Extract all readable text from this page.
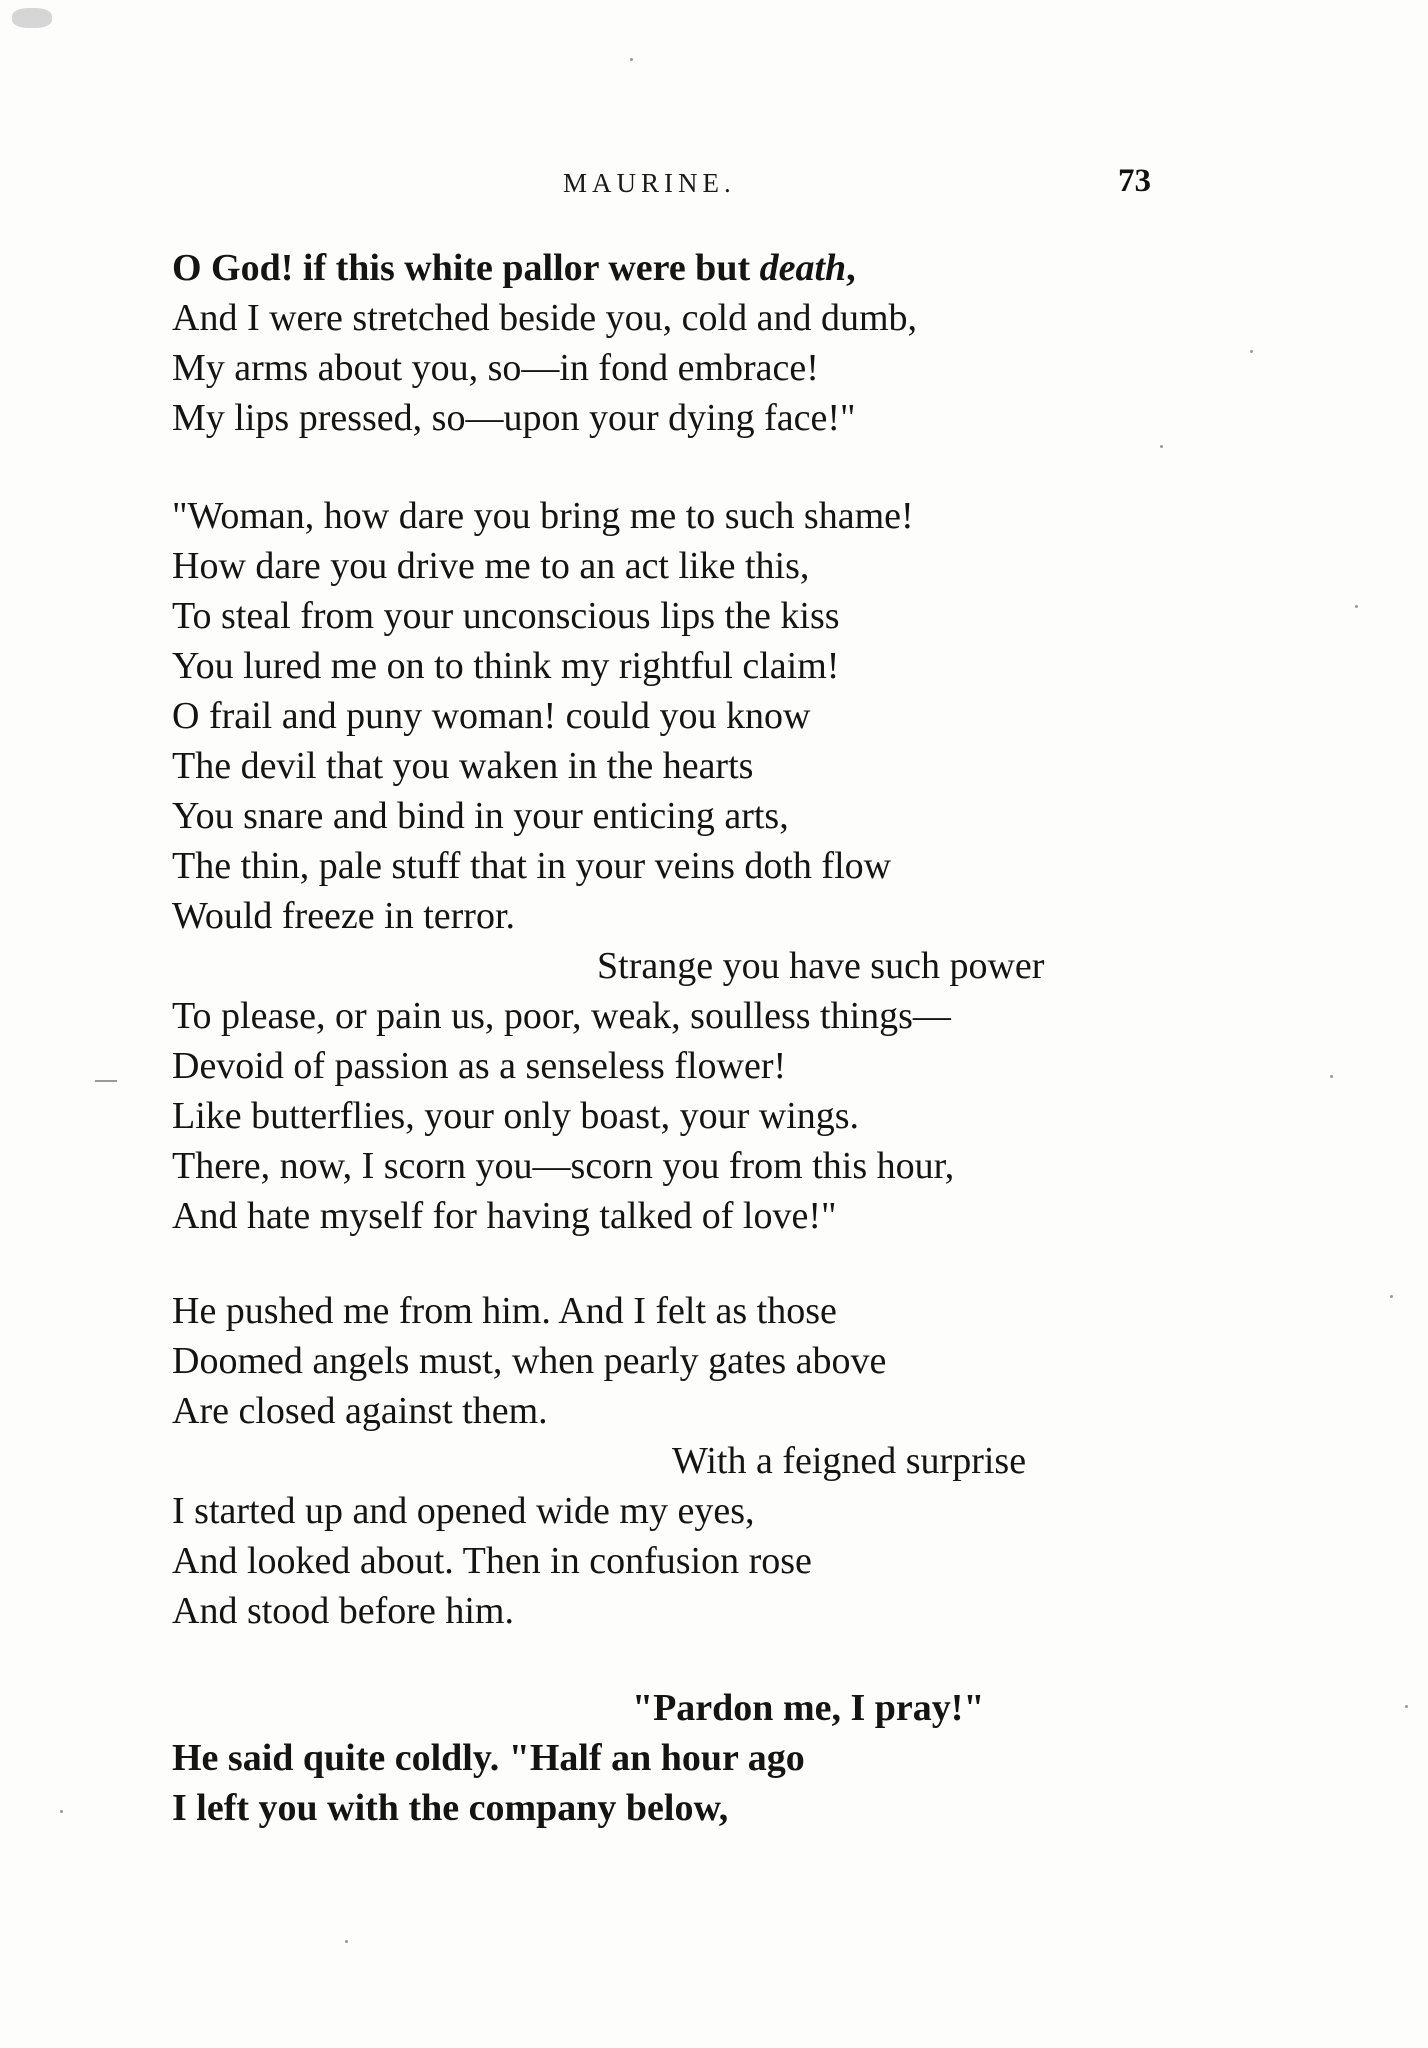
MAURINE.	73
O God! if this white pallor were but death,
And I were stretched beside you, cold and dumb,
My arms about you, so—in fond embrace!
My lips pressed, so—upon your dying face!"
"Woman, how dare you bring me to such shame!
How dare you drive me to an act like this,
To steal from your unconscious lips the kiss
You lured me on to think my rightful claim!
O frail and puny woman! could you know
The devil that you waken in the hearts
You snare and bind in your enticing arts,
The thin, pale stuff that in your veins doth flow
Would freeze in terror.
Strange you have such power
To please, or pain us, poor, weak, soulless things—
Devoid of passion as a senseless flower!
Like butterflies, your only boast, your wings.
There, now, I scorn you—scorn you from this hour,
And hate myself for having talked of love!"
He pushed me from him. And I felt as those
Doomed angels must, when pearly gates above
Are closed against them.
With a feigned surprise
I started up and opened wide my eyes,
And looked about. Then in confusion rose
And stood before him.
"Pardon me, I pray!"
He said quite coldly. "Half an hour ago
I left you with the company below,
